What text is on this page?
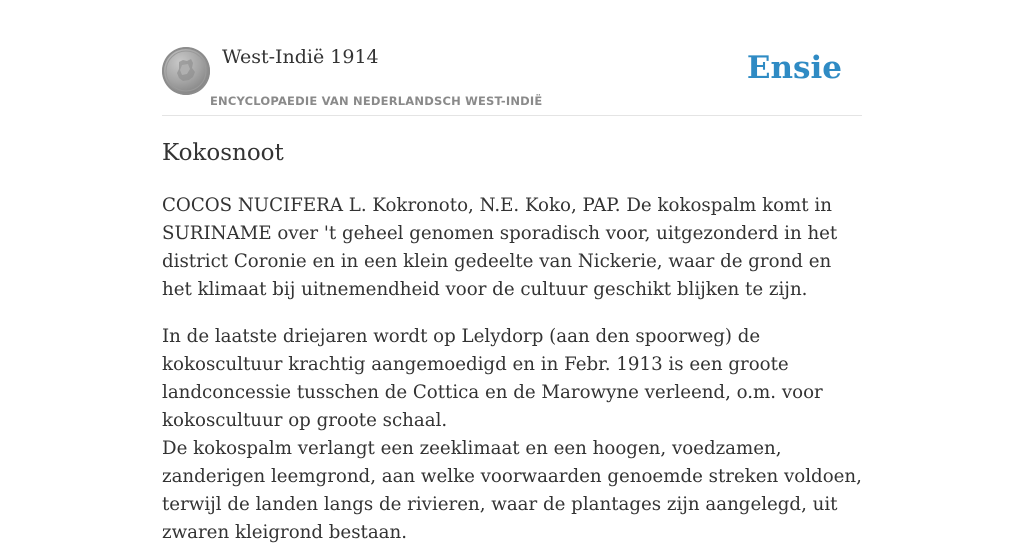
West-Indië 1914
ENCYCLOPAEDIE VAN NEDERLANDSCH WEST-INDIË
Ensie
Kokosnoot

COCOS NUCIFERA L. Kokronoto, N.E. Koko, PAP. De kokospalm komt in SURINAME over 't geheel genomen sporadisch voor, uitgezonderd in het district Coronie en in een klein gedeelte van Nickerie, waar de grond en het klimaat bij uitnemendheid voor de cultuur geschikt blijken te zijn.

In de laatste driejaren wordt op Lelydorp (aan den spoorweg) de kokoscultuur krachtig aangemoedigd en in Febr. 1913 is een groote landconcessie tusschen de Cottica en de Marowyne verleend, o.m. voor kokoscultuur op groote schaal.

De kokospalm verlangt een zeeklimaat en een hoogen, voedzamen, zanderigen leemgrond, aan welke voorwaarden genoemde streken voldoen, terwijl de landen langs de rivieren, waar de plantages zijn aangelegd, uit zwaren kleigrond bestaan.
